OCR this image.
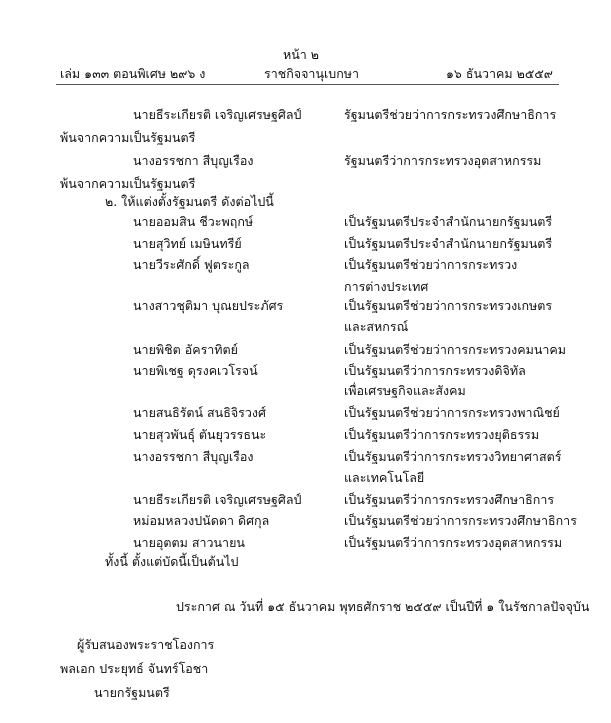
หน้า ๒
เล่ม ๑๓๓ ตอนพิเศษ ๒๙๖ ง	ราชกิจจานุเบกษา	๑๖ ธันวาคม ๒๕๕๙
นายธีระเกียรติ เจริญเศรษฐศิลป์	รัฐมนตรีช่วยว่าการกระทรวงศึกษาธิการ
พ้นจากความเป็นรัฐมนตรี
นางอรรชกา สีบุญเรือง	รัฐมนตรีว่าการกระทรวงอุตสาหกรรม
พ้นจากความเป็นรัฐมนตรี
๒. ให้แต่งตั้งรัฐมนตรี ดังต่อไปนี้
นายออมสิน ชีวะพฤกษ์	เป็นรัฐมนตรีประจำสำนักนายกรัฐมนตรี
นายสุวิทย์ เมษินทรีย์	เป็นรัฐมนตรีประจำสำนักนายกรัฐมนตรี
นายวีระศักดิ์ ฟูตระกูล	เป็นรัฐมนตรีช่วยว่าการกระทรวง
การต่างประเทศ
นางสาวชุติมา บุณยประภัศร	เป็นรัฐมนตรีช่วยว่าการกระทรวงเกษตร
และสหกรณ์
นายพิชิต อัคราทิตย์	เป็นรัฐมนตรีช่วยว่าการกระทรวงคมนาคม
นายพิเชฐ ดุรงคเวโรจน์	เป็นรัฐมนตรีว่าการกระทรวงดิจิทัล
เพื่อเศรษฐกิจและสังคม
นายสนธิรัตน์ สนธิจิรวงศ์	เป็นรัฐมนตรีช่วยว่าการกระทรวงพาณิชย์
นายสุวพันธุ์ ตันยุวรรธนะ	เป็นรัฐมนตรีว่าการกระทรวงยุติธรรม
นางอรรชกา สีบุญเรือง	เป็นรัฐมนตรีว่าการกระทรวงวิทยาศาสตร์
และเทคโนโลยี
นายธีระเกียรติ เจริญเศรษฐศิลป์	เป็นรัฐมนตรีว่าการกระทรวงศึกษาธิการ
หม่อมหลวงปนัดดา ดิศกุล	เป็นรัฐมนตรีช่วยว่าการกระทรวงศึกษาธิการ
นายอุตตม สาวนายน	เป็นรัฐมนตรีว่าการกระทรวงอุตสาหกรรม
ทั้งนี้ ตั้งแต่บัดนี้เป็นต้นไป
ประกาศ ณ วันที่ ๑๕ ธันวาคม พุทธศักราช ๒๕๕๙ เป็นปีที่ ๑ ในรัชกาลปัจจุบัน
ผู้รับสนองพระราชโองการ
พลเอก ประยุทธ์ จันทร์โอชา
นายกรัฐมนตรี
